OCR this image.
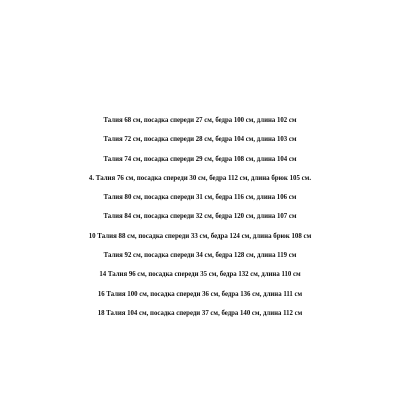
Талия 68 см, посадка спереди 27 см, бедра 100 см, длина 102 см
Талия 72 см, посадка спереди 28 см, бедра 104 см, длина 103 см
Талия 74 см, посадка спереди 29 см, бедра 108 см, длина 104 см
4. Талия 76 см, посадка спереди 30 см, бедра 112 см, длина брюк 105 см.
Талия 80 см, посадка спереди 31 см, бедра 116 см, длина 106 см
Талия 84 см, посадка спереди 32 см, бедра 120 см, длина 107 см
10 Талия 88 см, посадка спереди 33 см, бедра 124 см, длина брюк 108 см
Талия 92 см, посадка спереди 34 см, бедра 128 см, длина 119 см
14 Талия 96 см, посадка спереди 35 см, бедра 132 см, длина 110 см
16 Талия 100 см, посадка спереди 36 см, бедра 136 см, длина 111 см
18 Талия 104 см, посадка спереди 37 см, бедра 140 см, длина 112 см
